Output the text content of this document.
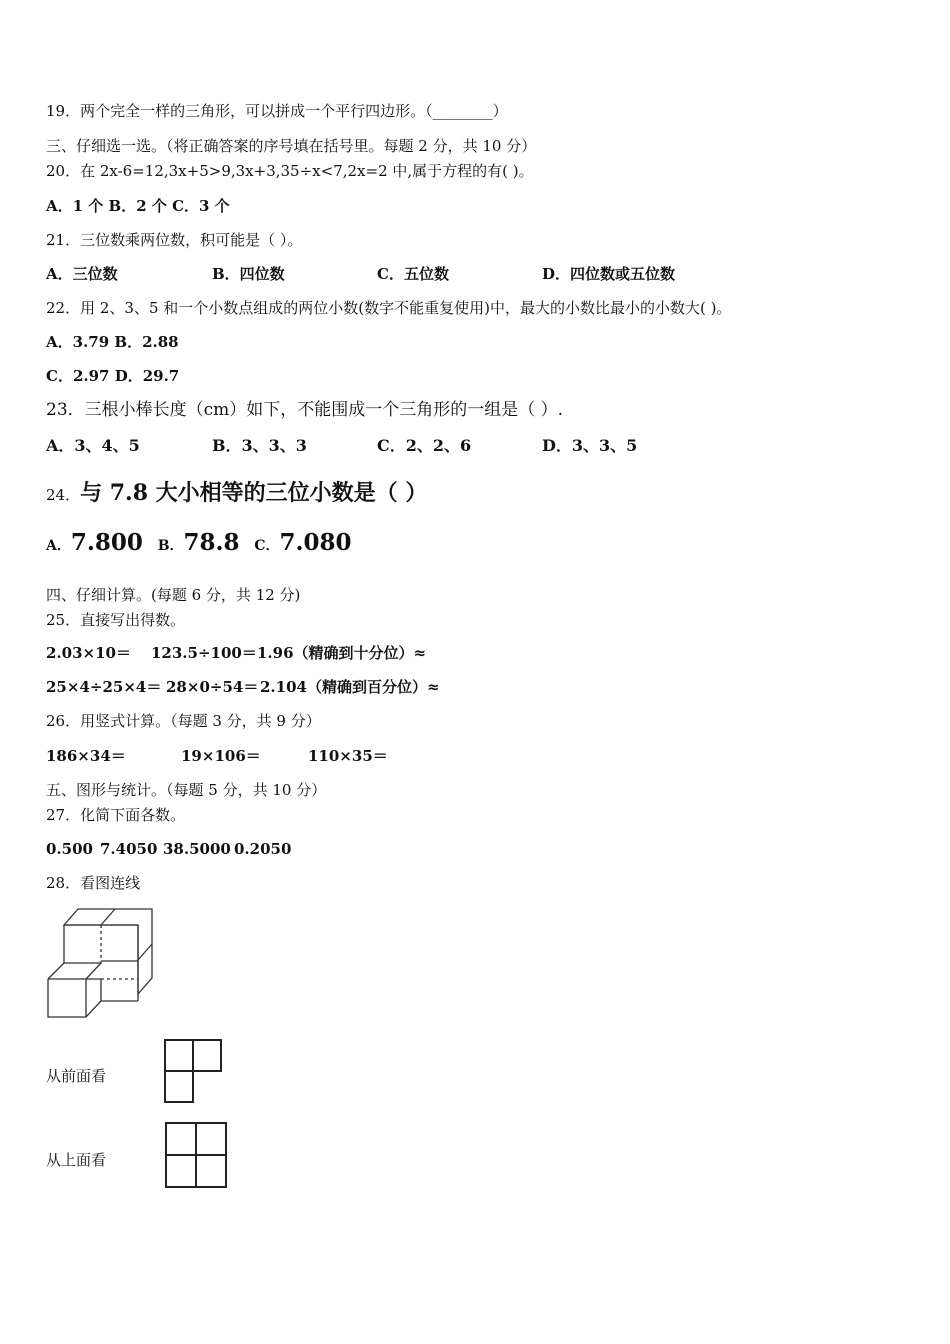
19．两个完全一样的三角形，可以拼成一个平行四边形。（________）
三、仔细选一选。（将正确答案的序号填在括号里。每题 2 分，共 10 分）
20．在 2x-6=12,3x+5>9,3x+3,35÷x<7,2x=2 中,属于方程的有( )。
A．1 个 B．2 个 C．3 个
21．三位数乘两位数，积可能是（ ）。
A．三位数	B．四位数	C．五位数	D．四位数或五位数
22．用 2、3、5 和一个小数点组成的两位小数(数字不能重复使用)中，最大的小数比最小的小数大( )。
A．3.79 B．2.88
C．2.97 D．29.7
23．三根小棒长度（cm）如下，不能围成一个三角形的一组是（ ）.
A．3、4、5	B．3、3、3	C．2、2、6	D．3、3、5
24．与 7.8 大小相等的三位小数是（ ）
A．7.800 B．78.8 C．7.080
四、仔细计算。(每题 6 分，共 12 分)
25．直接写出得数。
2.03×10＝ 123.5÷100＝ 1.96（精确到十分位）≈
25×4÷25×4＝ 28×0÷54＝ 2.104（精确到百分位）≈
26．用竖式计算。（每题 3 分，共 9 分）
186×34＝	19×106＝	110×35＝
五、图形与统计。（每题 5 分，共 10 分）
27．化简下面各数。
0.500 7.4050 38.5000 0.2050
28．看图连线
从前面看
从上面看
